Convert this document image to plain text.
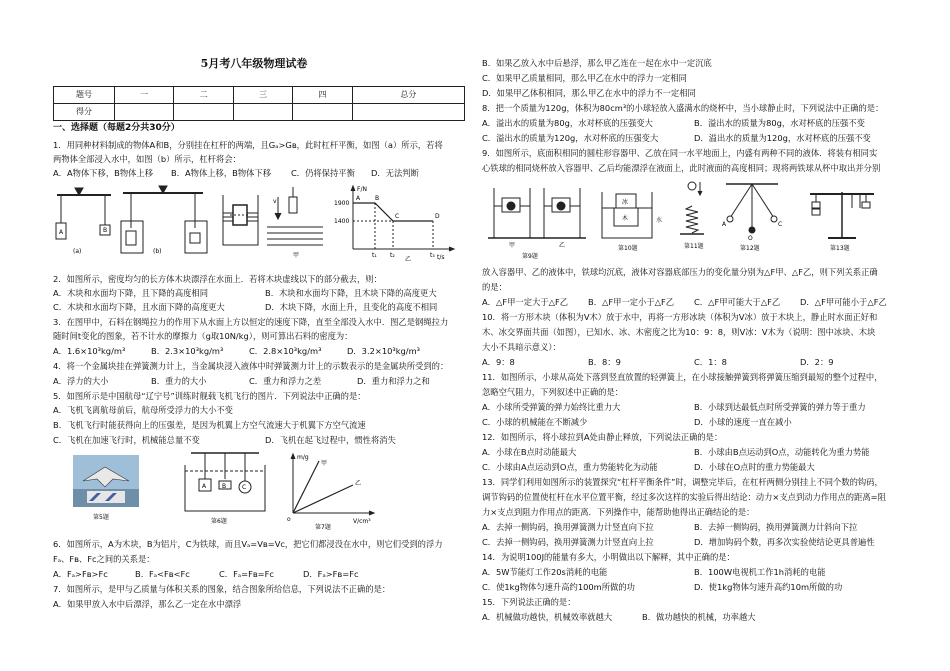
5月考八年级物理试卷
题号	一	二	三	四	总分
得分					
一、选择题（每题2分共30分）
1．用同种材料制成的物体A和B，分别挂在杠杆的两端，且Gₐ>Gʙ，此时杠杆平衡，如图（a）所示，若将
两物体全部浸入水中，如图（b）所示，杠杆将会：
A．A物体下移，B物体上移 B．A物体上移，B物体下移 C．仍将保持平衡 D．无法判断
A	B
(a)	(b)
v
甲
F/N
t/s
1900
1400
t₁ t₂	t₃
A B
C	D
乙
2．如图所示，密度均匀的长方体木块漂浮在水面上．若将木块虚线以下的部分截去，则：
A．木块和水面均下降，且下降的高度相同	B．木块和水面均下降，且木块下降的高度更大
C．木块和水面均下降，且水面下降的高度更大	D．木块下降，水面上升，且变化的高度不相同
3．在图甲中，石料在钢绳拉力的作用下从水面上方以恒定的速度下降，直至全部没入水中．图乙是钢绳拉力
随时间t变化的图象，若不计水的摩擦力（g取10N/kg），则可算出石料的密度为：
A．1.6×10³kg/m³	B．2.3×10³kg/m³	C．2.8×10³kg/m³	D．3.2×10³kg/m³
4．将一个金属块挂在弹簧测力计上，当金属块浸入液体中时弹簧测力计上的示数表示的是金属块所受到的：
A．浮力的大小	B．重力的大小	C．重力和浮力之差	D．重力和浮力之和
5．如图所示是中国航母“辽宁号”训练时舰载飞机飞行的图片．下列说法中正确的是：
A．飞机飞离航母前后，航母所受浮力的大小不变
B．飞机飞行时能获得向上的压强差，是因为机翼上方空气流速大于机翼下方空气流速
C．飞机在加速飞行时，机械能总量不变	D．飞机在起飞过程中，惯性将消失
第5题
A	B	C
第6题
m/g
V/cm³
甲
乙
o
第7题
6．如图所示，A为木块，B为铝片，C为铁球，而且Vₐ=Vʙ=Vᴄ，把它们都浸没在水中，则它们受到的浮力
Fₐ、Fʙ、Fᴄ之间的关系是：
A．Fₐ>Fʙ>Fᴄ	B．Fₐ<Fʙ<Fᴄ	C．Fₐ=Fʙ=Fᴄ	D．Fₐ>Fʙ=Fᴄ
7．如图所示，是甲与乙质量与体积关系的图象，结合图象所给信息，下列说法不正确的是：
A．如果甲放入水中后漂浮，那么乙一定在水中漂浮
B．如果乙放入水中后悬浮，那么甲乙连在一起在水中一定沉底
C．如果甲乙质量相同，那么甲乙在水中的浮力一定相同
D．如果甲乙体积相同，那么甲乙在水中的浮力不一定相同
8．把一个质量为120g，体积为80cm³的小球轻放入盛满水的烧杯中，当小球静止时，下列说法中正确的是：
A．溢出水的质量为80g，水对杯底的压强变大	B．溢出水的质量为80g，水对杯底的压强不变
C．溢出水的质量为120g，水对杯底的压强变大	D．溢出水的质量为120g，水对杯底的压强不变
9．如图所示，底面积相同的圆柱形容器甲、乙放在同一水平地面上，内盛有两种不同的液体．将装有相同实
心铁球的相同烧杯放入容器甲、乙后均能漂浮在液面上，此时液面的高度相同；现将两铁球从杯中取出并分别
甲	乙
第9题
冰
木	水
第10题	第11题
A	C
O
第12题	第13题
放入容器甲、乙的液体中，铁球均沉底，液体对容器底部压力的变化量分别为△F甲、△F乙，则下列关系正确
的是：
A．△F甲一定大于△F乙 B．△F甲一定小于△F乙 C．△F甲可能大于△F乙 D．△F甲可能小于△F乙
10．将一方形木块（体积为V木）放于水中，再将一方形冰块（体积为V冰）放于木块上，静止时水面正好和
木、冰交界面共面（如图），已知水、冰、木密度之比为10：9：8，则V冰：V木为（说明：图中冰块、木块
大小不具暗示意义）：
A．9：8	B．8：9	C．1：8	D．2：9
11．如图所示，小球从高处下落到竖直放置的轻弹簧上，在小球接触弹簧到将弹簧压缩到最短的整个过程中，
忽略空气阻力，下列叙述中正确的是：
A．小球所受弹簧的弹力始终比重力大	B．小球到达最低点时所受弹簧的弹力等于重力
C．小球的机械能在不断减少	D．小球的速度一直在减小
12．如图所示，将小球拉到A处由静止释放，下列说法正确的是：
A．小球在B点时动能最大	B．小球由B点运动到O点，动能转化为重力势能
C．小球由A点运动到O点，重力势能转化为动能	D．小球在O点时的重力势能最大
13．同学们利用如图所示的装置探究“杠杆平衡条件”时，调整完毕后，在杠杆两侧分别挂上不同个数的钩码，
调节钩码的位置使杠杆在水平位置平衡，经过多次这样的实验后得出结论：动力×支点到动力作用点的距离=阻
力×支点到阻力作用点的距离．下列操作中，能帮助他得出正确结论的是：
A．去掉一侧钩码，换用弹簧测力计竖直向下拉	B．去掉一侧钩码，换用弹簧测力计斜向下拉
C．去掉一侧钩码，换用弹簧测力计竖直向上拉	D．增加钩码个数，再多次实验使结论更具普遍性
14．为说明100J的能量有多大，小明做出以下解释，其中正确的是：
A．5W节能灯工作20s消耗的电能	B．100W电视机工作1h消耗的电能
C．使1kg物体匀速升高约100m所做的功	D．使1kg物体匀速升高约10m所做的功
15．下列说法正确的是：
A．机械做功越快，机械效率就越大	B．做功越快的机械，功率越大
